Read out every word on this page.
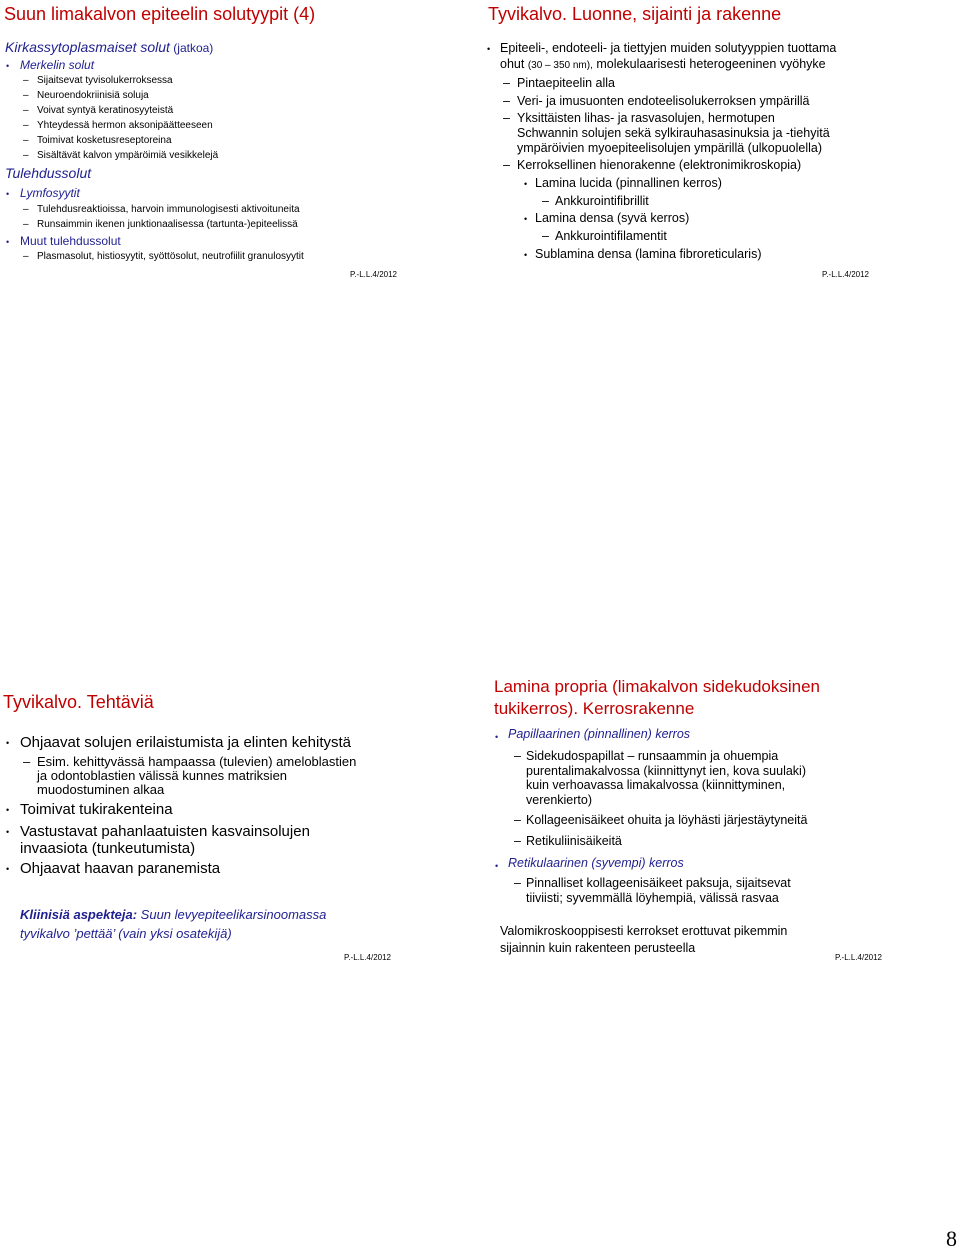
Suun limakalvon epiteelin solutyypit (4)
Kirkassytoplasmaiset solut (jatkoa)
• Merkelin solut
– Sijaitsevat tyvisolukerroksessa
– Neuroendokriinisiä soluja
– Voivat syntyä keratinosyyteistä
– Yhteydessä hermon aksonipäätteeseen
– Toimivat kosketusreseptoreina
– Sisältävät kalvon ympäröimiä vesikkelejä
Tulehdussolut
• Lymfosyytit
– Tulehdusreaktioissa, harvoin immunologisesti aktivoituneita
– Runsaimmin ikenen junktionaalisessa (tartunta-)epiteelissä
• Muut tulehdussolut
– Plasmasolut, histiosyytit, syöttösolut, neutrofiilit granulosyytit
P.-L.L.4/2012
Tyvikalvo. Luonne, sijainti ja rakenne
• Epiteeli-, endoteeli- ja tiettyjen muiden solutyyppien tuottama
ohut (30 – 350 nm), molekulaarisesti heterogeeninen vyöhyke
– Pintaepiteelin alla
– Veri- ja imusuonten endoteelisolukerroksen ympärillä
– Yksittäisten lihas- ja rasvasolujen, hermotupen
Schwannin solujen sekä sylkirauhasasinuksia ja -tiehyitä
ympäröivien myoepiteelisolujen ympärillä (ulkopuolella)
– Kerroksellinen hienorakenne (elektronimikroskopia)
• Lamina lucida (pinnallinen kerros)
– Ankkurointifibrillit
• Lamina densa (syvä kerros)
– Ankkurointifilamentit
• Sublamina densa (lamina fibroreticularis)
P.-L.L.4/2012
Tyvikalvo. Tehtäviä
• Ohjaavat solujen erilaistumista ja elinten kehitystä
– Esim. kehittyvässä hampaassa (tulevien) ameloblastien
ja odontoblastien välissä kunnes matriksien
muodostuminen alkaa
• Toimivat tukirakenteina
• Vastustavat pahanlaatuisten kasvainsolujen
invaasiota (tunkeutumista)
• Ohjaavat haavan paranemista
Kliinisiä aspekteja: Suun levyepiteelikarsinoomassa
tyvikalvo ’pettää’ (vain yksi osatekijä)
P.-L.L.4/2012
Lamina propria (limakalvon sidekudoksinen
tukikerros). Kerrosrakenne
• Papillaarinen (pinnallinen) kerros
– Sidekudospapillat – runsaammin ja ohuempia
purentalimakalvossa (kiinnittynyt ien, kova suulaki)
kuin verhoavassa limakalvossa (kiinnittyminen,
verenkierto)
– Kollageenisäikeet ohuita ja löyhästi järjestäytyneitä
– Retikuliinisäikeitä
• Retikulaarinen (syvempi) kerros
– Pinnalliset kollageenisäikeet paksuja, sijaitsevat
tiiviisti; syvemmällä löyhempiä, välissä rasvaa
Valomikroskooppisesti kerrokset erottuvat pikemmin
sijainnin kuin rakenteen perusteella
P.-L.L.4/2012
8
